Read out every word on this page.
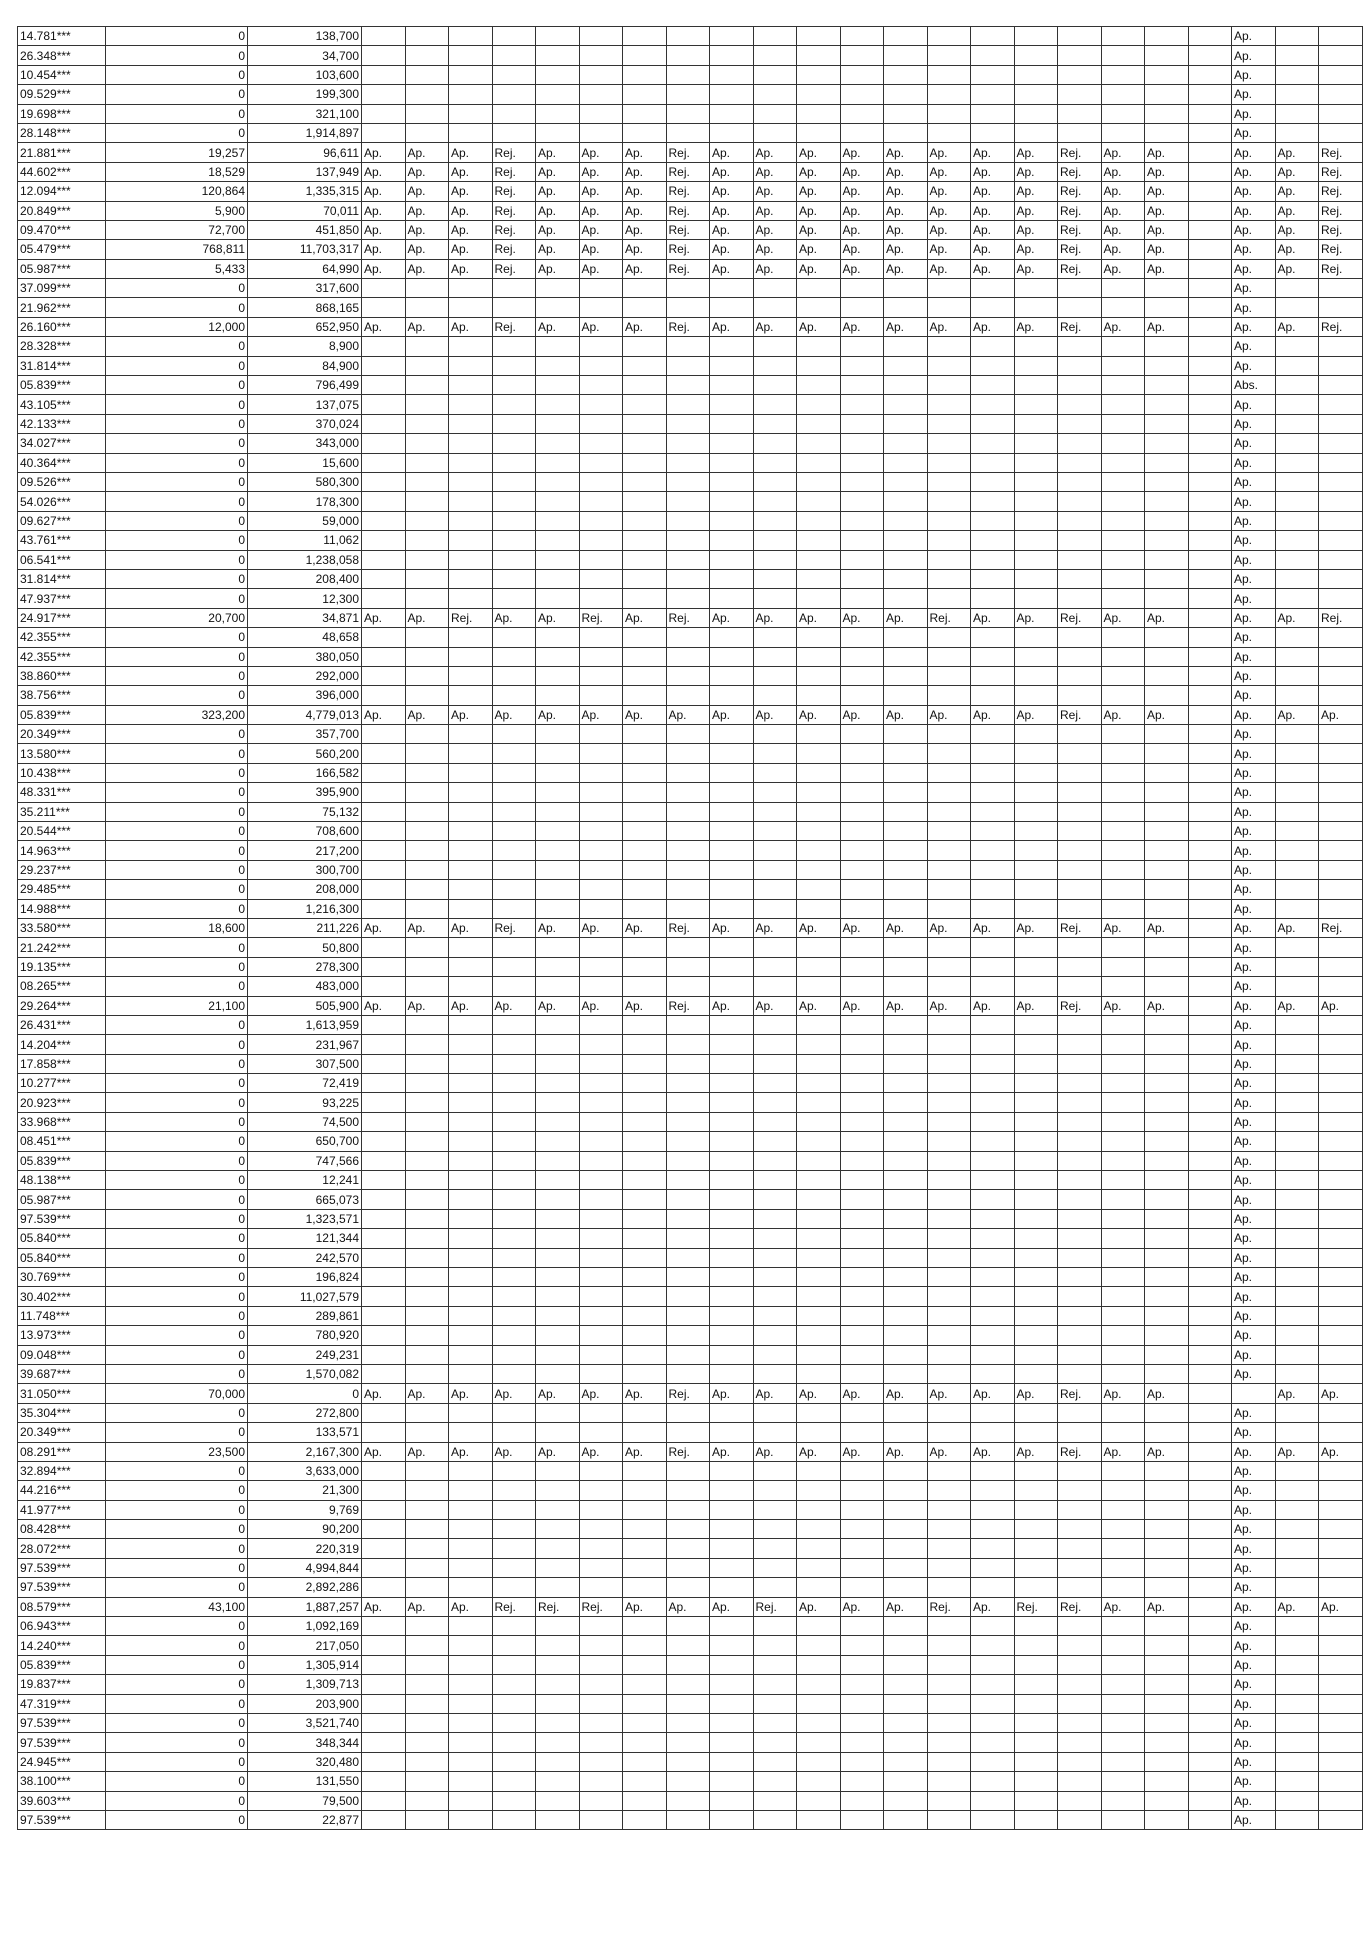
14.781***	0	138,700																					Ap.		
26.348***	0	34,700																					Ap.		
10.454***	0	103,600																					Ap.		
09.529***	0	199,300																					Ap.		
19.698***	0	321,100																					Ap.		
28.148***	0	1,914,897																					Ap.		
21.881***	19,257	96,611	Ap.	Ap.	Ap.	Rej.	Ap.	Ap.	Ap.	Rej.	Ap.	Ap.	Ap.	Ap.	Ap.	Ap.	Ap.	Ap.	Rej.	Ap.	Ap.		Ap.	Ap.	Rej.
44.602***	18,529	137,949	Ap.	Ap.	Ap.	Rej.	Ap.	Ap.	Ap.	Rej.	Ap.	Ap.	Ap.	Ap.	Ap.	Ap.	Ap.	Ap.	Rej.	Ap.	Ap.		Ap.	Ap.	Rej.
12.094***	120,864	1,335,315	Ap.	Ap.	Ap.	Rej.	Ap.	Ap.	Ap.	Rej.	Ap.	Ap.	Ap.	Ap.	Ap.	Ap.	Ap.	Ap.	Rej.	Ap.	Ap.		Ap.	Ap.	Rej.
20.849***	5,900	70,011	Ap.	Ap.	Ap.	Rej.	Ap.	Ap.	Ap.	Rej.	Ap.	Ap.	Ap.	Ap.	Ap.	Ap.	Ap.	Ap.	Rej.	Ap.	Ap.		Ap.	Ap.	Rej.
09.470***	72,700	451,850	Ap.	Ap.	Ap.	Rej.	Ap.	Ap.	Ap.	Rej.	Ap.	Ap.	Ap.	Ap.	Ap.	Ap.	Ap.	Ap.	Rej.	Ap.	Ap.		Ap.	Ap.	Rej.
05.479***	768,811	11,703,317	Ap.	Ap.	Ap.	Rej.	Ap.	Ap.	Ap.	Rej.	Ap.	Ap.	Ap.	Ap.	Ap.	Ap.	Ap.	Ap.	Rej.	Ap.	Ap.		Ap.	Ap.	Rej.
05.987***	5,433	64,990	Ap.	Ap.	Ap.	Rej.	Ap.	Ap.	Ap.	Rej.	Ap.	Ap.	Ap.	Ap.	Ap.	Ap.	Ap.	Ap.	Rej.	Ap.	Ap.		Ap.	Ap.	Rej.
37.099***	0	317,600																					Ap.		
21.962***	0	868,165																					Ap.		
26.160***	12,000	652,950	Ap.	Ap.	Ap.	Rej.	Ap.	Ap.	Ap.	Rej.	Ap.	Ap.	Ap.	Ap.	Ap.	Ap.	Ap.	Ap.	Rej.	Ap.	Ap.		Ap.	Ap.	Rej.
28.328***	0	8,900																					Ap.		
31.814***	0	84,900																					Ap.		
05.839***	0	796,499																					Abs.		
43.105***	0	137,075																					Ap.		
42.133***	0	370,024																					Ap.		
34.027***	0	343,000																					Ap.		
40.364***	0	15,600																					Ap.		
09.526***	0	580,300																					Ap.		
54.026***	0	178,300																					Ap.		
09.627***	0	59,000																					Ap.		
43.761***	0	11,062																					Ap.		
06.541***	0	1,238,058																					Ap.		
31.814***	0	208,400																					Ap.		
47.937***	0	12,300																					Ap.		
24.917***	20,700	34,871	Ap.	Ap.	Rej.	Ap.	Ap.	Rej.	Ap.	Rej.	Ap.	Ap.	Ap.	Ap.	Ap.	Rej.	Ap.	Ap.	Rej.	Ap.	Ap.		Ap.	Ap.	Rej.
42.355***	0	48,658																					Ap.		
42.355***	0	380,050																					Ap.		
38.860***	0	292,000																					Ap.		
38.756***	0	396,000																					Ap.		
05.839***	323,200	4,779,013	Ap.	Ap.	Ap.	Ap.	Ap.	Ap.	Ap.	Ap.	Ap.	Ap.	Ap.	Ap.	Ap.	Ap.	Ap.	Ap.	Rej.	Ap.	Ap.		Ap.	Ap.	Ap.
20.349***	0	357,700																					Ap.		
13.580***	0	560,200																					Ap.		
10.438***	0	166,582																					Ap.		
48.331***	0	395,900																					Ap.		
35.211***	0	75,132																					Ap.		
20.544***	0	708,600																					Ap.		
14.963***	0	217,200																					Ap.		
29.237***	0	300,700																					Ap.		
29.485***	0	208,000																					Ap.		
14.988***	0	1,216,300																					Ap.		
33.580***	18,600	211,226	Ap.	Ap.	Ap.	Rej.	Ap.	Ap.	Ap.	Rej.	Ap.	Ap.	Ap.	Ap.	Ap.	Ap.	Ap.	Ap.	Rej.	Ap.	Ap.		Ap.	Ap.	Rej.
21.242***	0	50,800																					Ap.		
19.135***	0	278,300																					Ap.		
08.265***	0	483,000																					Ap.		
29.264***	21,100	505,900	Ap.	Ap.	Ap.	Ap.	Ap.	Ap.	Ap.	Rej.	Ap.	Ap.	Ap.	Ap.	Ap.	Ap.	Ap.	Ap.	Rej.	Ap.	Ap.		Ap.	Ap.	Ap.
26.431***	0	1,613,959																					Ap.		
14.204***	0	231,967																					Ap.		
17.858***	0	307,500																					Ap.		
10.277***	0	72,419																					Ap.		
20.923***	0	93,225																					Ap.		
33.968***	0	74,500																					Ap.		
08.451***	0	650,700																					Ap.		
05.839***	0	747,566																					Ap.		
48.138***	0	12,241																					Ap.		
05.987***	0	665,073																					Ap.		
97.539***	0	1,323,571																					Ap.		
05.840***	0	121,344																					Ap.		
05.840***	0	242,570																					Ap.		
30.769***	0	196,824																					Ap.		
30.402***	0	11,027,579																					Ap.		
11.748***	0	289,861																					Ap.		
13.973***	0	780,920																					Ap.		
09.048***	0	249,231																					Ap.		
39.687***	0	1,570,082																					Ap.		
31.050***	70,000	0	Ap.	Ap.	Ap.	Ap.	Ap.	Ap.	Ap.	Rej.	Ap.	Ap.	Ap.	Ap.	Ap.	Ap.	Ap.	Ap.	Rej.	Ap.	Ap.			Ap.	Ap.
35.304***	0	272,800																					Ap.		
20.349***	0	133,571																					Ap.		
08.291***	23,500	2,167,300	Ap.	Ap.	Ap.	Ap.	Ap.	Ap.	Ap.	Rej.	Ap.	Ap.	Ap.	Ap.	Ap.	Ap.	Ap.	Ap.	Rej.	Ap.	Ap.		Ap.	Ap.	Ap.
32.894***	0	3,633,000																					Ap.		
44.216***	0	21,300																					Ap.		
41.977***	0	9,769																					Ap.		
08.428***	0	90,200																					Ap.		
28.072***	0	220,319																					Ap.		
97.539***	0	4,994,844																					Ap.		
97.539***	0	2,892,286																					Ap.		
08.579***	43,100	1,887,257	Ap.	Ap.	Ap.	Rej.	Rej.	Rej.	Ap.	Ap.	Ap.	Rej.	Ap.	Ap.	Ap.	Rej.	Ap.	Rej.	Rej.	Ap.	Ap.		Ap.	Ap.	Ap.
06.943***	0	1,092,169																					Ap.		
14.240***	0	217,050																					Ap.		
05.839***	0	1,305,914																					Ap.		
19.837***	0	1,309,713																					Ap.		
47.319***	0	203,900																					Ap.		
97.539***	0	3,521,740																					Ap.		
97.539***	0	348,344																					Ap.		
24.945***	0	320,480																					Ap.		
38.100***	0	131,550																					Ap.		
39.603***	0	79,500																					Ap.		
97.539***	0	22,877																					Ap.		
